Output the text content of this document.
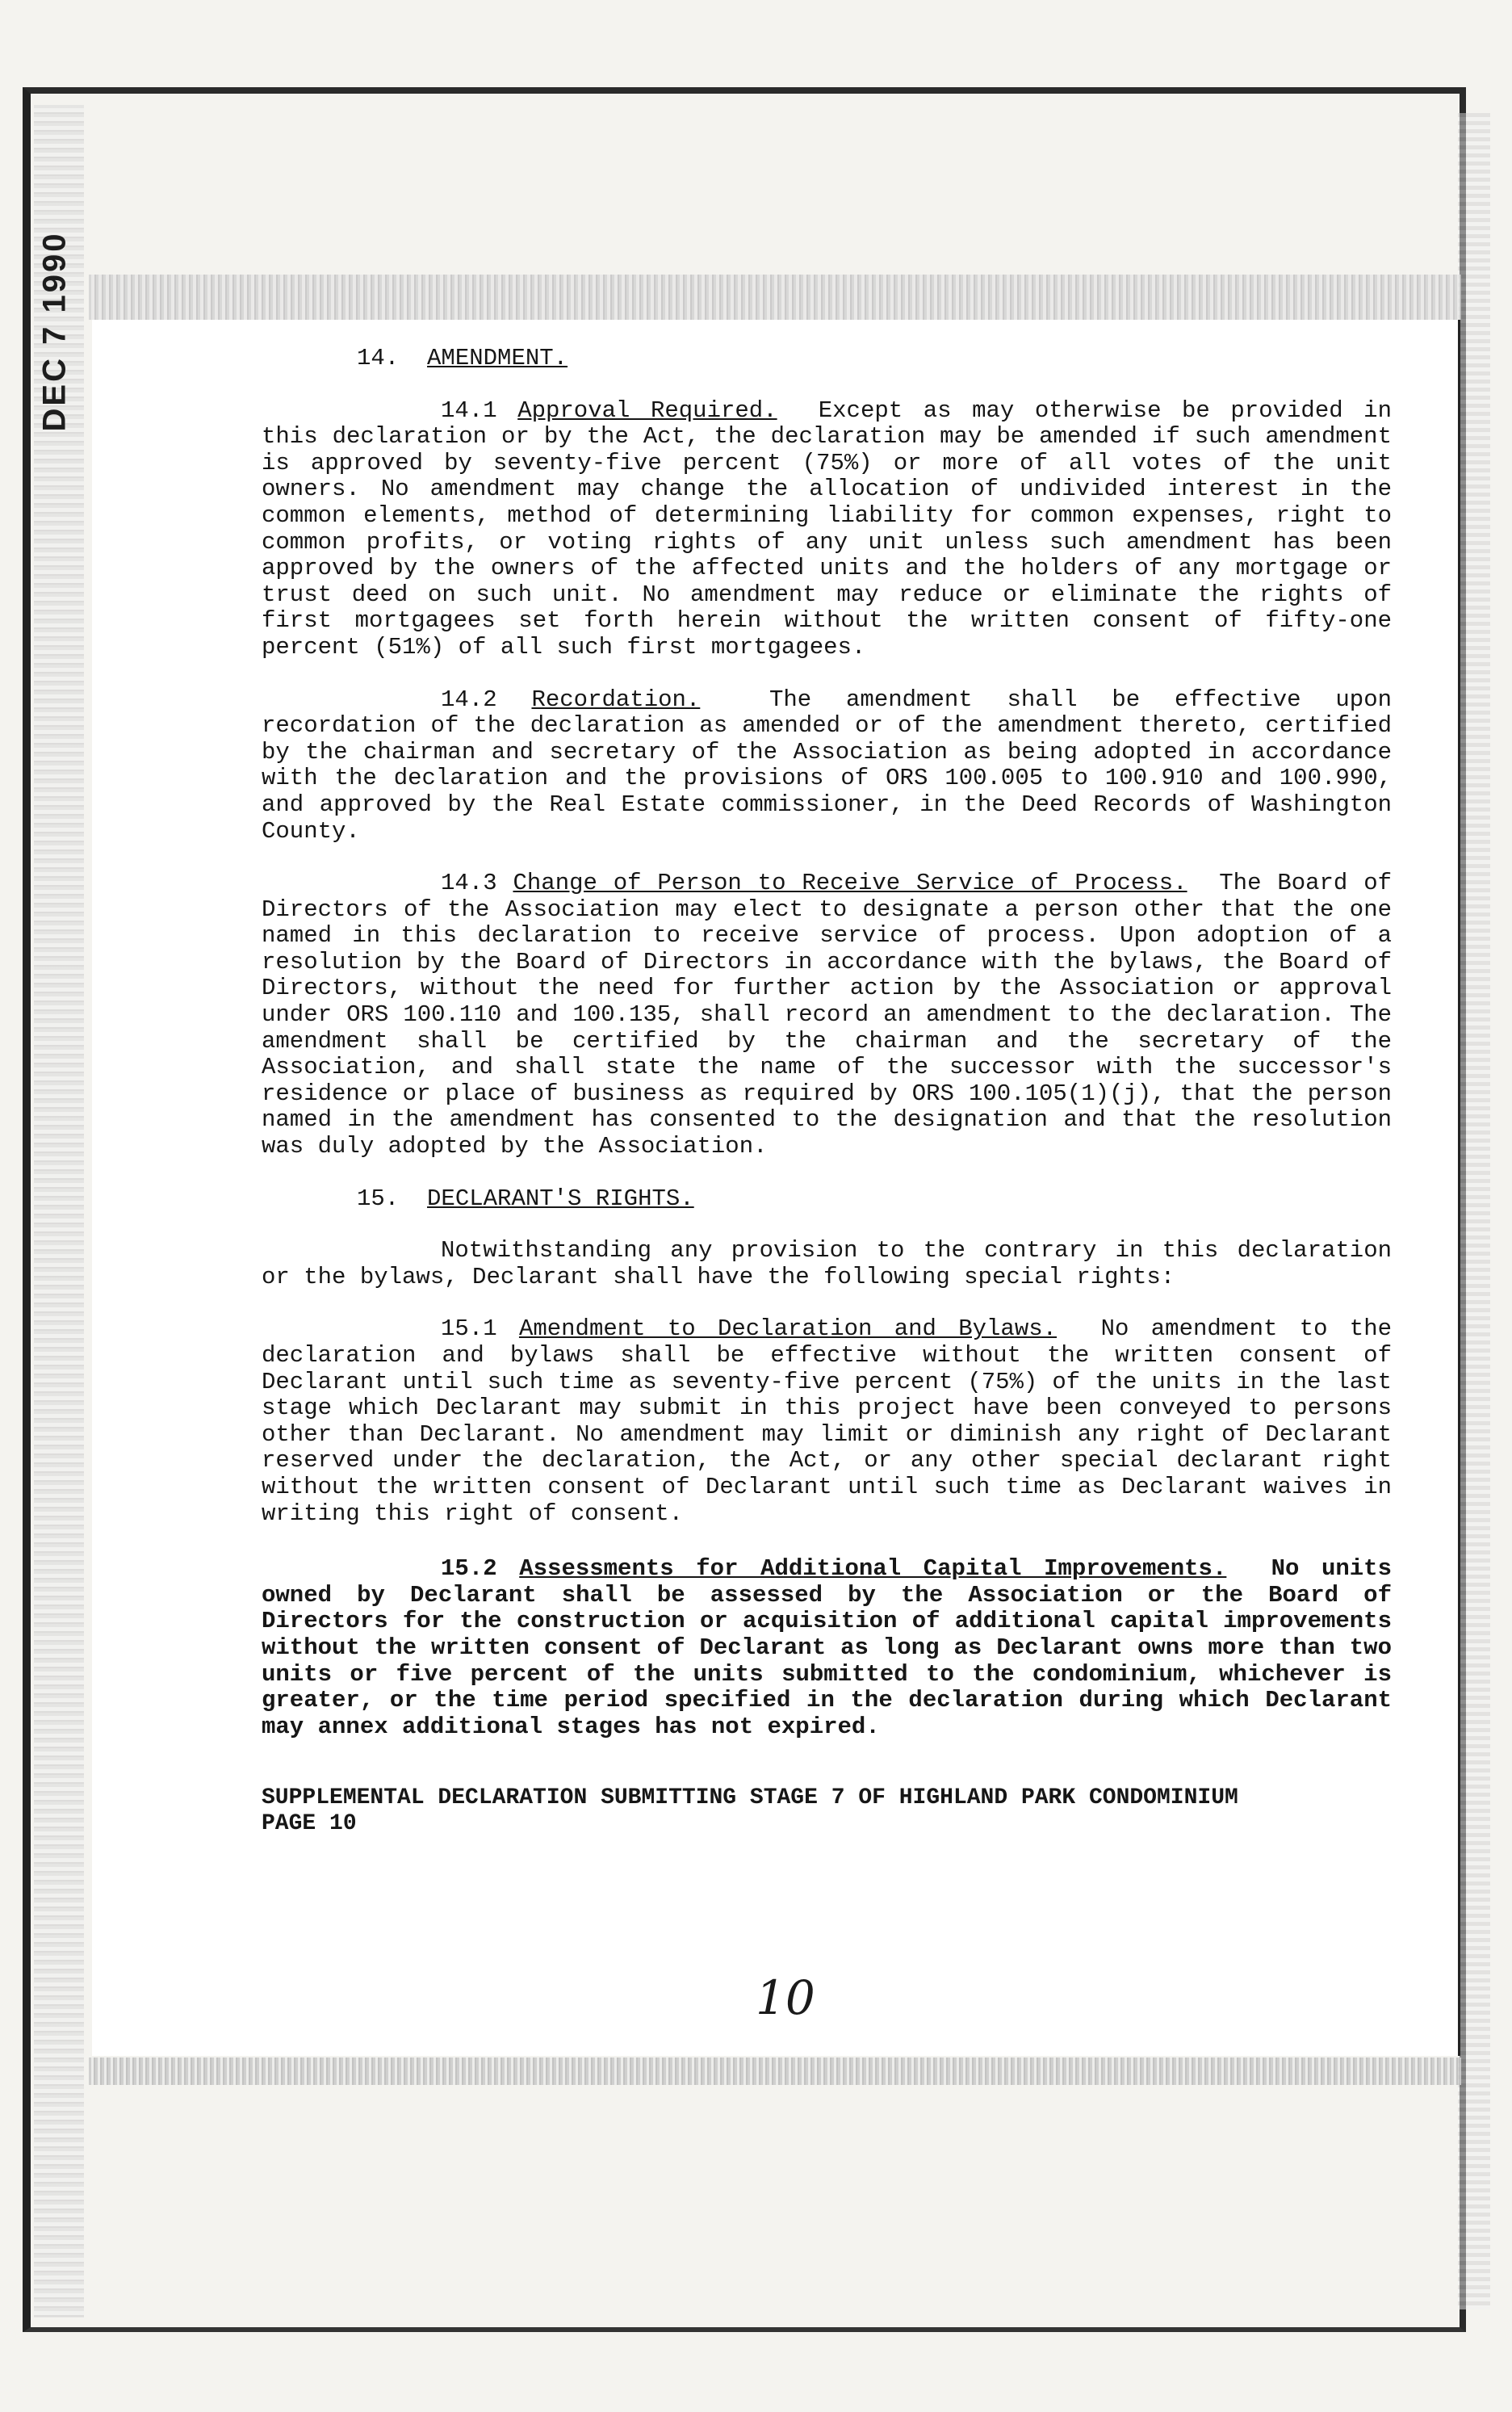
DEC 7 1990	14. AMENDMENT.

14.1 Approval Required. Except as may otherwise be provided in this declaration or by the Act, the declaration may be amended if such amendment is approved by seventy-five percent (75%) or more of all votes of the unit owners. No amendment may change the allocation of undivided interest in the common elements, method of determining liability for common expenses, right to common profits, or voting rights of any unit unless such amendment has been approved by the owners of the affected units and the holders of any mortgage or trust deed on such unit. No amendment may reduce or eliminate the rights of first mortgagees set forth herein without the written consent of fifty-one percent (51%) of all such first mortgagees.

14.2 Recordation.	The amendment shall be effective upon recordation of the declaration as amended or of the amendment thereto, certified by the chairman and secretary of the Association as being adopted in accordance with the declaration and the provisions of ORS 100.005 to 100.910 and 100.990, and approved by the Real Estate commissioner, in the Deed Records of Washington County.

14.3 Change of Person to Receive Service of Process. The Board of Directors of the Association may elect to designate a person other that the one named in this declaration to receive service of process. Upon adoption of a resolution by the Board of Directors in accordance with the bylaws, the Board of Directors, without the need for further action by the Association or approval under ORS 100.110 and 100.135, shall record an amendment to the declaration. The amendment shall be certified by the chairman and the secretary of the Association, and shall state the name of the successor with the successor's residence or place of business as required by ORS 100.105(1)(j), that the person named in the amendment has consented to the designation and that the resolution was duly adopted by the Association.

15. DECLARANT'S RIGHTS.

Notwithstanding any provision to the contrary in this declaration or the bylaws, Declarant shall have the following special rights:

15.1 Amendment to Declaration and Bylaws. No amendment to the declaration and bylaws shall be effective without the written consent of Declarant until such time as seventy-five percent (75%) of the units in the last stage which Declarant may submit in this project have been conveyed to persons other than Declarant. No amendment may limit or diminish any right of Declarant reserved under the declaration, the Act, or any other special declarant right without the written consent of Declarant until such time as Declarant waives in writing this right of consent.

15.2 Assessments for Additional Capital Improvements. No units owned by Declarant shall be assessed by the Association or the Board of Directors for the construction or acquisition of additional capital improvements without the written consent of Declarant as long as Declarant owns more than two units or five percent of the units submitted to the condominium, whichever is greater, or the time period specified in the declaration during which Declarant may annex additional stages has not expired.

SUPPLEMENTAL DECLARATION SUBMITTING STAGE 7 OF HIGHLAND PARK CONDOMINIUM

PAGE 10

10
